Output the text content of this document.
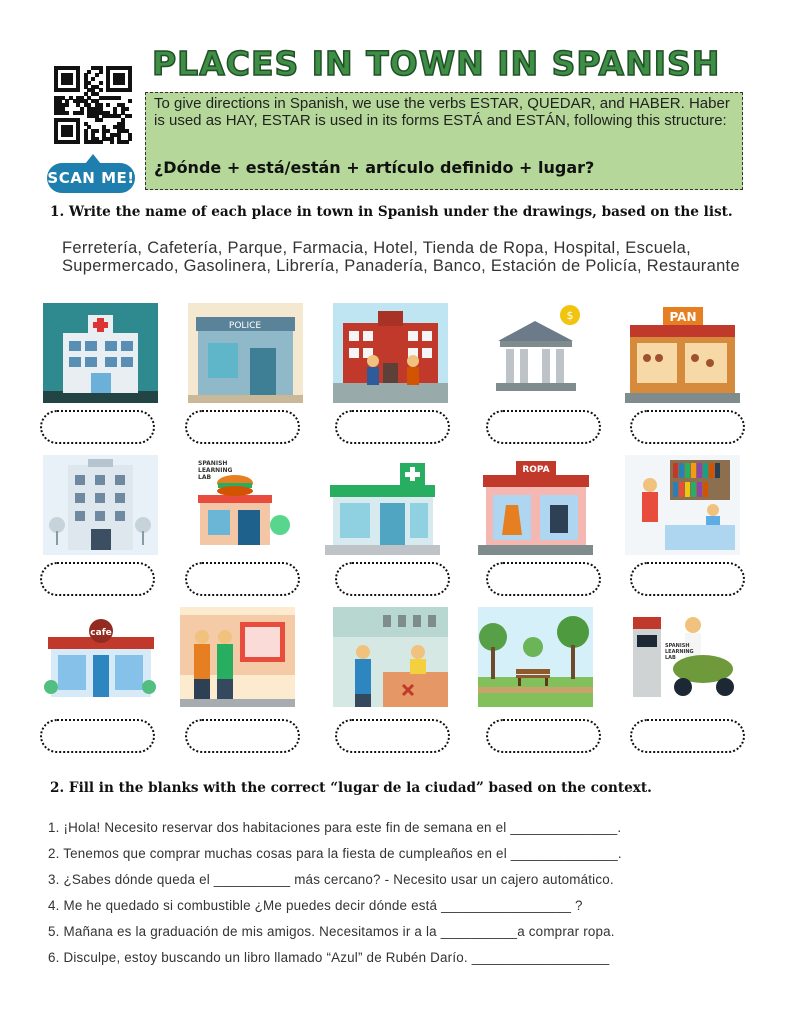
SCAN ME!
PLACES IN TOWN IN SPANISH
To give directions in Spanish, we use the verbs ESTAR, QUEDAR, and HABER. Haber is used as HAY, ESTAR is used in its forms ESTÁ and ESTÁN, following this structure:
¿Dónde + está/están + artículo definido + lugar?
1. Write the name of each place in town in Spanish under the drawings, based on the list.
Ferretería, Cafetería, Parque, Farmacia, Hotel, Tienda de Ropa, Hospital, Escuela, Supermercado, Gasolinera, Librería, Panadería, Banco, Estación de Policía, Restaurante
POLICE
$	PAN
SPANISH
LEARNING
LAB
ROPA
cafe
SPANISH
LEARNING
LAB
2. Fill in the blanks with the correct “lugar de la ciudad” based on the context.
1. ¡Hola! Necesito reservar dos habitaciones para este fin de semana en el ______________.
2. Tenemos que comprar muchas cosas para la fiesta de cumpleaños en el ______________.
3. ¿Sabes dónde queda el __________ más cercano? - Necesito usar un cajero automático.
4. Me he quedado si combustible ¿Me puedes decir dónde está _________________ ?
5. Mañana es la graduación de mis amigos. Necesitamos ir a la __________a comprar ropa.
6. Disculpe, estoy buscando un libro llamado “Azul” de Rubén Darío. __________________
